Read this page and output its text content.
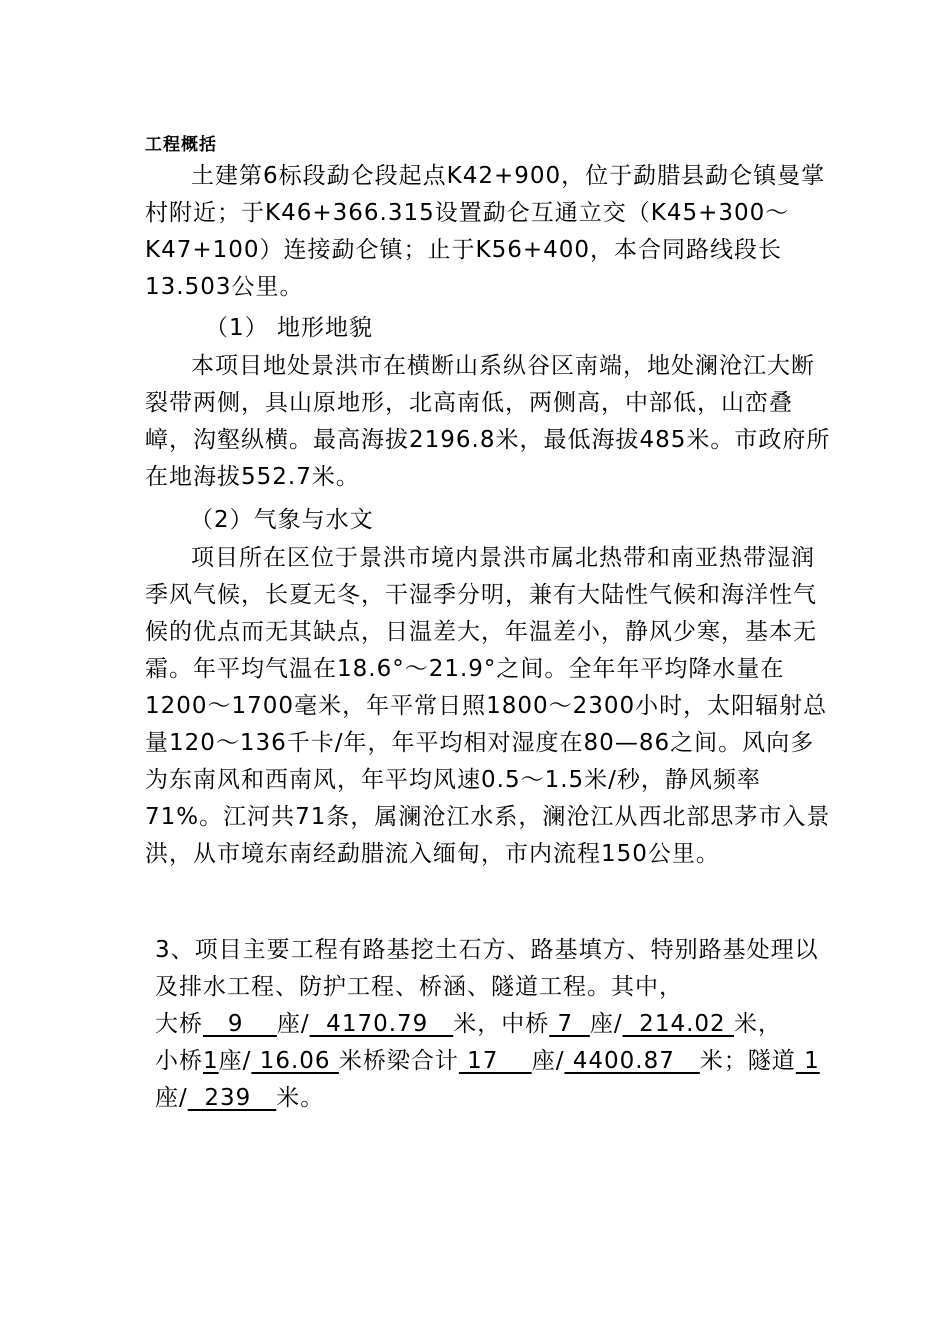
工程概括

土建第6标段勐仑段起点K42+900，位于勐腊县勐仑镇曼掌村附近；于K46+366.315设置勐仑互通立交（K45+300～K47+100）连接勐仑镇；止于K56+400，本合同路线段长13.503公里。

（1） 地形地貌

本项目地处景洪市在横断山系纵谷区南端，地处澜沧江大断裂带两侧，具山原地形，北高南低，两侧高，中部低，山峦叠嶂，沟壑纵横。最高海拔2196.8米，最低海拔485米。市政府所在地海拔552.7米。

（2）气象与水文

项目所在区位于景洪市境内景洪市属北热带和南亚热带湿润季风气候，长夏无冬，干湿季分明，兼有大陆性气候和海洋性气候的优点而无其缺点，日温差大，年温差小，静风少寒，基本无霜。年平均气温在18.6°～21.9°之间。全年年平均降水量在1200～1700毫米，年平常日照1800～2300小时，太阳辐射总量120～136千卡/年，年平均相对湿度在80—86之间。风向多为东南风和西南风，年平均风速0.5～1.5米/秒，静风频率71%。江河共71条，属澜沧江水系，澜沧江从西北部思茅市入景洪，从市境东南经勐腊流入缅甸，市内流程150公里。

3、项目主要工程有路基挖土石方、路基填方、特别路基处理以及排水工程、防护工程、桥涵、隧道工程。其中，
大桥   9    座/  4170.79   米，中桥 7  座/  214.02 米，
小桥1座/ 16.06 米桥梁合计 17    座/ 4400.87   米；隧道 1座/  239   米。
